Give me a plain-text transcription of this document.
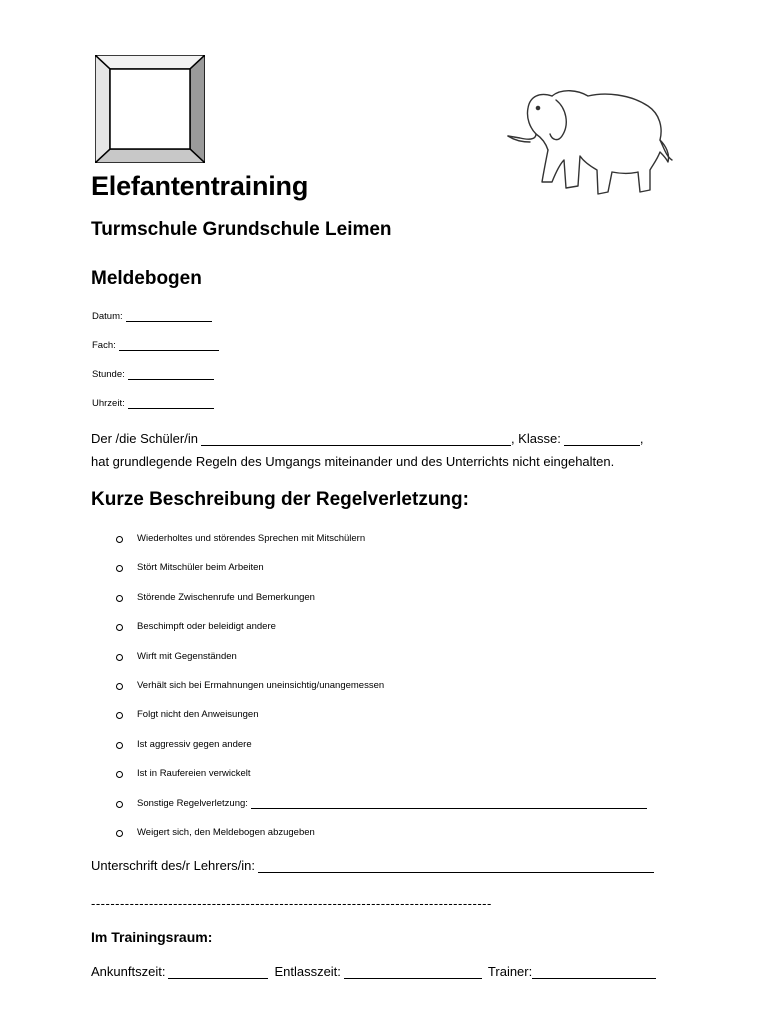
Elefantentraining
Turmschule Grundschule Leimen
Meldebogen
Datum:
Fach:
Stunde:
Uhrzeit:
Der /die Schüler/in	, Klasse:	,
hat grundlegende Regeln des Umgangs miteinander und des Unterrichts nicht eingehalten.
Kurze Beschreibung der Regelverletzung:
Wiederholtes und störendes Sprechen mit Mitschülern
Stört Mitschüler beim Arbeiten
Störende Zwischenrufe und Bemerkungen
Beschimpft oder beleidigt andere
Wirft mit Gegenständen
Verhält sich bei Ermahnungen uneinsichtig/unangemessen
Folgt nicht den Anweisungen
Ist aggressiv gegen andere
Ist in Raufereien verwickelt
Sonstige Regelverletzung:
Weigert sich, den Meldebogen abzugeben
Unterschrift des/r Lehrers/in:
-----------------------------------------------------------------------------------
Im Trainingsraum:
Ankunftszeit:	Entlasszeit:	Trainer:
